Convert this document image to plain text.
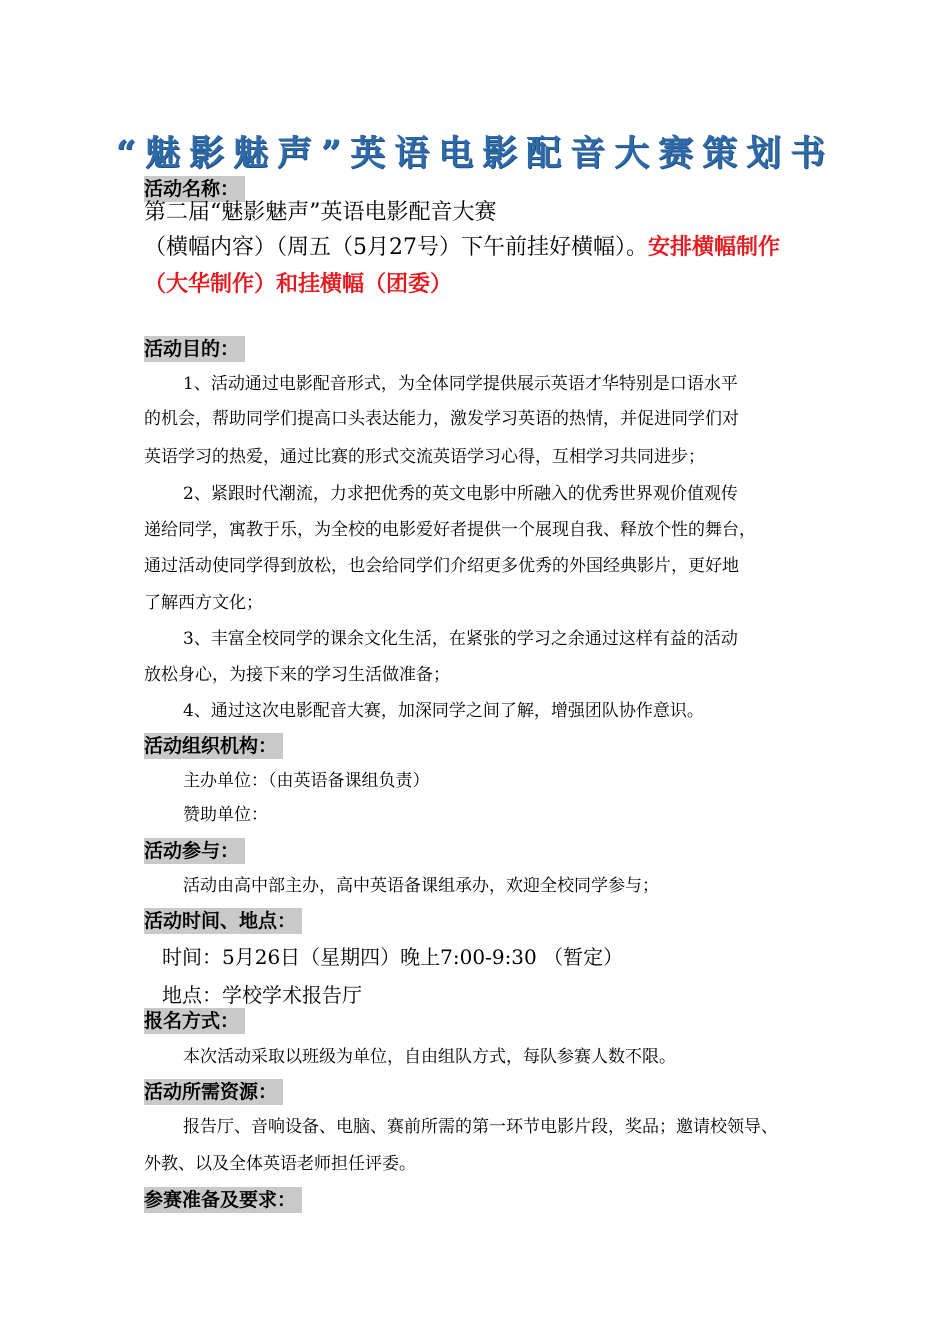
“魅影魅声”英语电影配音大赛策划书
活动名称：
第二届“魅影魅声”英语电影配音大赛
（横幅内容）（周五（5月27号）下午前挂好横幅）。安排横幅制作
（大华制作）和挂横幅（团委）
活动目的：
1、活动通过电影配音形式，为全体同学提供展示英语才华特别是口语水平
的机会，帮助同学们提高口头表达能力，激发学习英语的热情，并促进同学们对
英语学习的热爱，通过比赛的形式交流英语学习心得，互相学习共同进步；
2、紧跟时代潮流，力求把优秀的英文电影中所融入的优秀世界观价值观传
递给同学，寓教于乐，为全校的电影爱好者提供一个展现自我、释放个性的舞台，
通过活动使同学得到放松，也会给同学们介绍更多优秀的外国经典影片，更好地
了解西方文化；
3、丰富全校同学的课余文化生活，在紧张的学习之余通过这样有益的活动
放松身心，为接下来的学习生活做准备；
4、通过这次电影配音大赛，加深同学之间了解，增强团队协作意识。
活动组织机构：
主办单位：（由英语备课组负责）
赞助单位：
活动参与：
活动由高中部主办，高中英语备课组承办，欢迎全校同学参与；
活动时间、地点：
时间：5月26日（星期四）晚上7:00-9:30 （暂定）
地点：学校学术报告厅
报名方式：
本次活动采取以班级为单位，自由组队方式，每队参赛人数不限。
活动所需资源：
报告厅、音响设备、电脑、赛前所需的第一环节电影片段，奖品；邀请校领导、
外教、以及全体英语老师担任评委。
参赛准备及要求：
